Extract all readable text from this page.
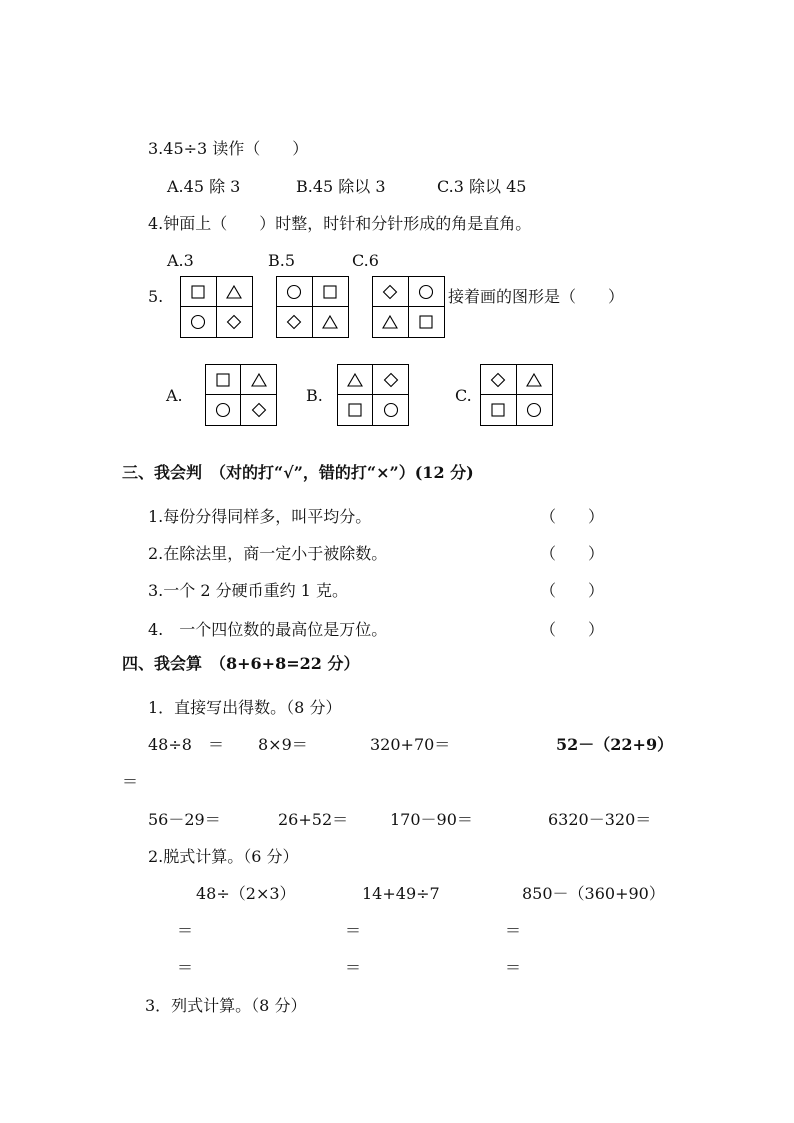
3.45÷3 读作（　　）
A.45 除 3	B.45 除以 3	C.3 除以 45
4.钟面上（　　）时整，时针和分针形成的角是直角。
A.3	B.5	C.6
5.	接着画的图形是（　　）
A.	B.	C.
三、我会判　（对的打“√”，错的打“×”）(12 分)
1.每份分得同样多，叫平均分。	（　　）
2.在除法里，商一定小于被除数。	（　　）
3.一个 2 分硬币重约 1 克。	（　　）
4.　一个四位数的最高位是万位。	（　　）
四、我会算　（8+6+8=22 分）
1．直接写出得数。（8 分）
48÷8　＝ 8×9＝	320+70＝	52－（22+9）
＝
56－29＝	26+52＝	170－90＝	6320－320＝
2.脱式计算。（6 分）
48÷（2×3）	14+49÷7	850－（360+90）
＝	＝	＝
＝	＝	＝
3．列式计算。（8 分）
